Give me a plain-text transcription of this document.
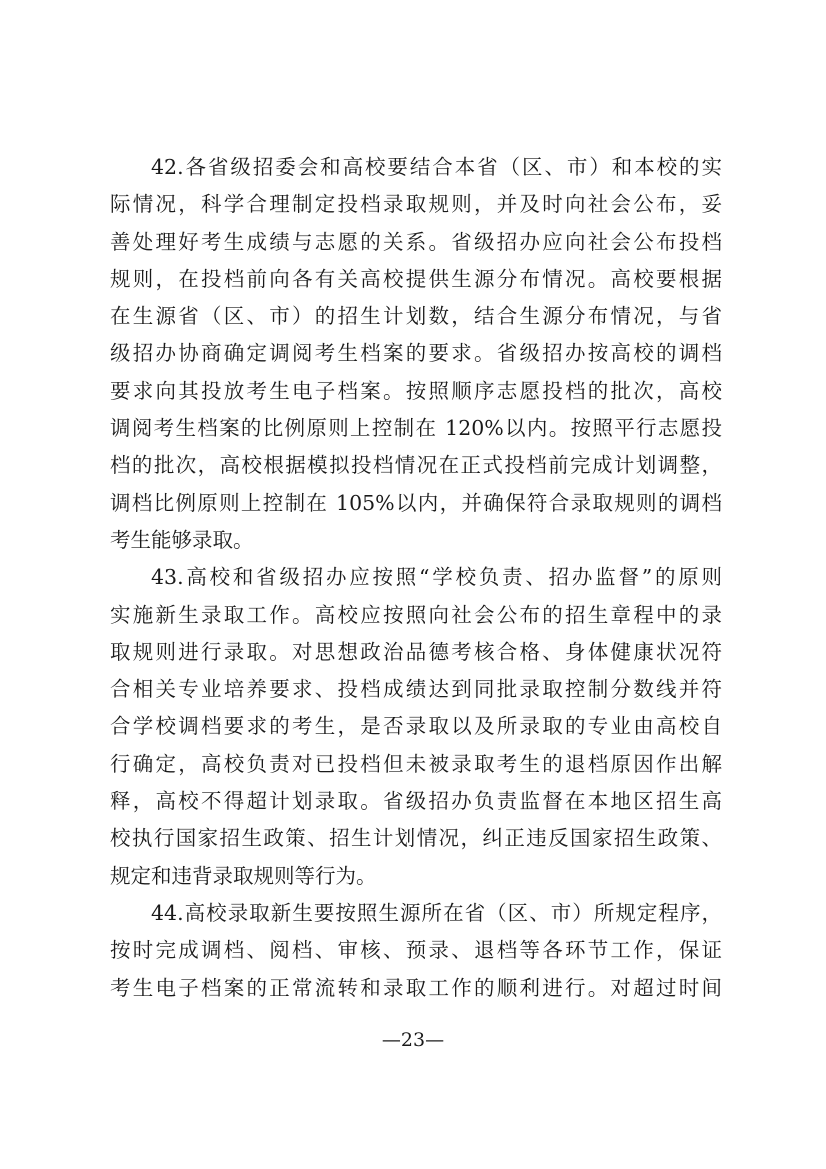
42.各省级招委会和高校要结合本省（区、市）和本校的实
际情况，科学合理制定投档录取规则，并及时向社会公布，妥
善处理好考生成绩与志愿的关系。省级招办应向社会公布投档
规则，在投档前向各有关高校提供生源分布情况。高校要根据
在生源省（区、市）的招生计划数，结合生源分布情况，与省
级招办协商确定调阅考生档案的要求。省级招办按高校的调档
要求向其投放考生电子档案。按照顺序志愿投档的批次，高校
调阅考生档案的比例原则上控制在 120%以内。按照平行志愿投
档的批次，高校根据模拟投档情况在正式投档前完成计划调整，
调档比例原则上控制在 105%以内，并确保符合录取规则的调档
考生能够录取。
43.高校和省级招办应按照“学校负责、招办监督”的原则
实施新生录取工作。高校应按照向社会公布的招生章程中的录
取规则进行录取。对思想政治品德考核合格、身体健康状况符
合相关专业培养要求、投档成绩达到同批录取控制分数线并符
合学校调档要求的考生，是否录取以及所录取的专业由高校自
行确定，高校负责对已投档但未被录取考生的退档原因作出解
释，高校不得超计划录取。省级招办负责监督在本地区招生高
校执行国家招生政策、招生计划情况，纠正违反国家招生政策、
规定和违背录取规则等行为。
44.高校录取新生要按照生源所在省（区、市）所规定程序，
按时完成调档、阅档、审核、预录、退档等各环节工作，保证
考生电子档案的正常流转和录取工作的顺利进行。对超过时间
—23—
